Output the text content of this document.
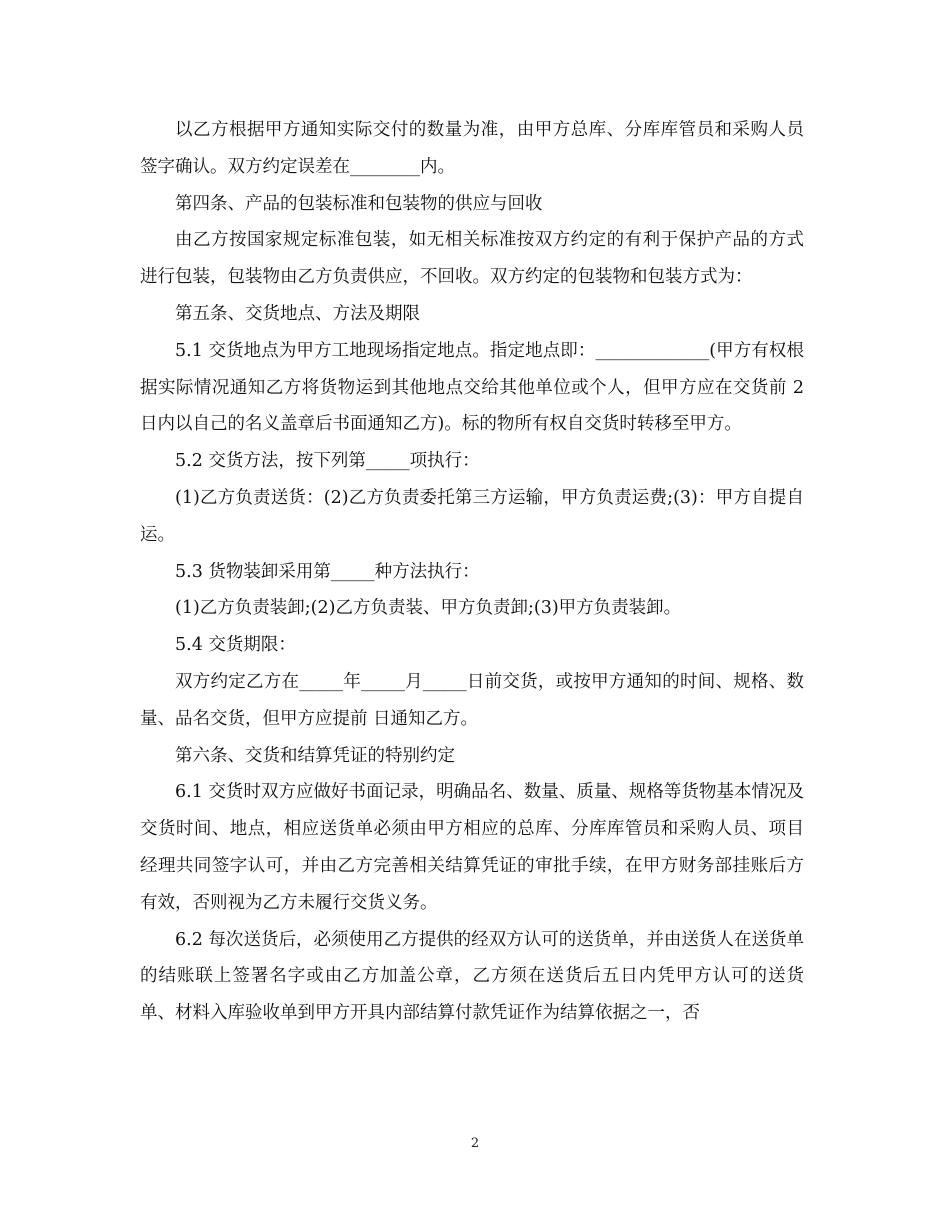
以乙方根据甲方通知实际交付的数量为准，由甲方总库、分库库管员和采购人员签字确认。双方约定误差在________内。

第四条、产品的包装标准和包装物的供应与回收

由乙方按国家规定标准包装，如无相关标准按双方约定的有利于保护产品的方式进行包装，包装物由乙方负责供应，不回收。双方约定的包装物和包装方式为：

第五条、交货地点、方法及期限

5.1 交货地点为甲方工地现场指定地点。指定地点即：_____________(甲方有权根据实际情况通知乙方将货物运到其他地点交给其他单位或个人，但甲方应在交货前 2 日内以自己的名义盖章后书面通知乙方)。标的物所有权自交货时转移至甲方。

5.2 交货方法，按下列第_____项执行：

(1)乙方负责送货：(2)乙方负责委托第三方运输，甲方负责运费;(3)：甲方自提自运。

5.3 货物装卸采用第_____种方法执行：

(1)乙方负责装卸;(2)乙方负责装、甲方负责卸;(3)甲方负责装卸。

5.4 交货期限：

双方约定乙方在_____年_____月_____日前交货，或按甲方通知的时间、规格、数量、品名交货，但甲方应提前 日通知乙方。

第六条、交货和结算凭证的特别约定

6.1 交货时双方应做好书面记录，明确品名、数量、质量、规格等货物基本情况及交货时间、地点，相应送货单必须由甲方相应的总库、分库库管员和采购人员、项目经理共同签字认可，并由乙方完善相关结算凭证的审批手续，在甲方财务部挂账后方有效，否则视为乙方未履行交货义务。

6.2 每次送货后，必须使用乙方提供的经双方认可的送货单，并由送货人在送货单的结账联上签署名字或由乙方加盖公章，乙方须在送货后五日内凭甲方认可的送货单、材料入库验收单到甲方开具内部结算付款凭证作为结算依据之一，否

2
